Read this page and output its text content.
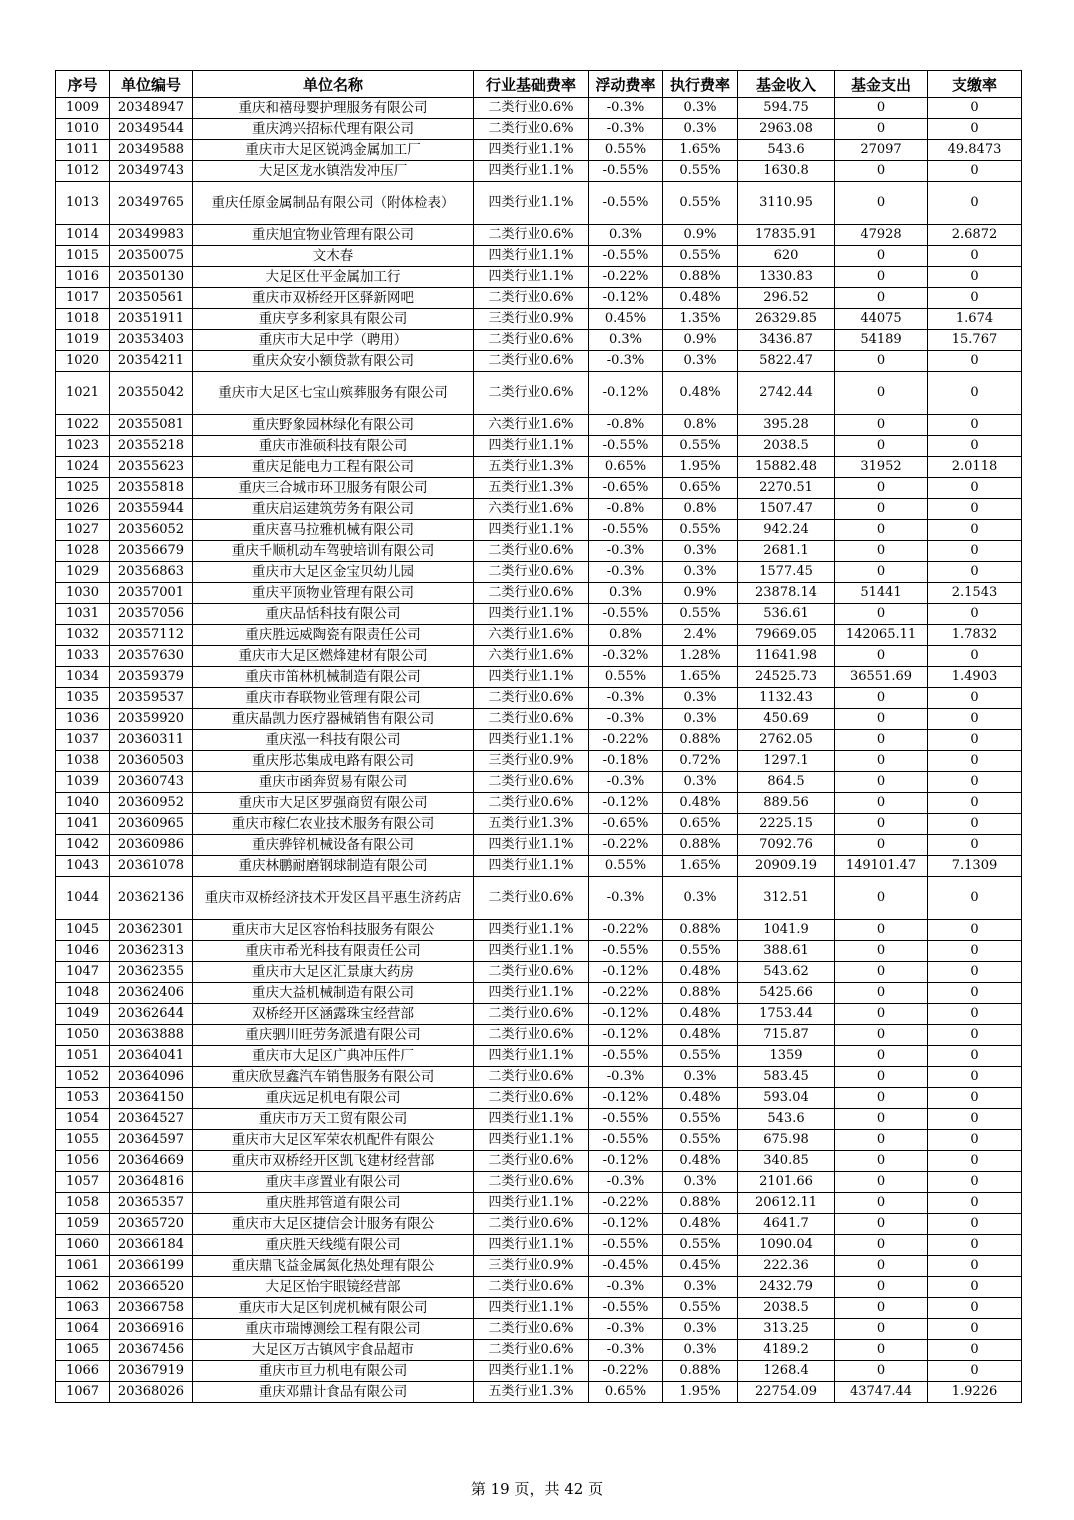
序号	单位编号	单位名称	行业基础费率	浮动费率	执行费率	基金收入	基金支出	支缴率
1009	20348947	重庆和禧母婴护理服务有限公司	二类行业0.6%	-0.3%	0.3%	594.75	0	0
1010	20349544	重庆鸿兴招标代理有限公司	二类行业0.6%	-0.3%	0.3%	2963.08	0	0
1011	20349588	重庆市大足区锐鸿金属加工厂	四类行业1.1%	0.55%	1.65%	543.6	27097	49.8473
1012	20349743	大足区龙水镇浩发冲压厂	四类行业1.1%	-0.55%	0.55%	1630.8	0	0
1013	20349765	重庆任原金属制品有限公司（附体检表）	四类行业1.1%	-0.55%	0.55%	3110.95	0	0
1014	20349983	重庆旭宜物业管理有限公司	二类行业0.6%	0.3%	0.9%	17835.91	47928	2.6872
1015	20350075	文木春	四类行业1.1%	-0.55%	0.55%	620	0	0
1016	20350130	大足区仕平金属加工行	四类行业1.1%	-0.22%	0.88%	1330.83	0	0
1017	20350561	重庆市双桥经开区驿新网吧	二类行业0.6%	-0.12%	0.48%	296.52	0	0
1018	20351911	重庆亨多利家具有限公司	三类行业0.9%	0.45%	1.35%	26329.85	44075	1.674
1019	20353403	重庆市大足中学（聘用）	二类行业0.6%	0.3%	0.9%	3436.87	54189	15.767
1020	20354211	重庆众安小额贷款有限公司	二类行业0.6%	-0.3%	0.3%	5822.47	0	0
1021	20355042	重庆市大足区七宝山殡葬服务有限公司	二类行业0.6%	-0.12%	0.48%	2742.44	0	0
1022	20355081	重庆野象园林绿化有限公司	六类行业1.6%	-0.8%	0.8%	395.28	0	0
1023	20355218	重庆市淮硕科技有限公司	四类行业1.1%	-0.55%	0.55%	2038.5	0	0
1024	20355623	重庆足能电力工程有限公司	五类行业1.3%	0.65%	1.95%	15882.48	31952	2.0118
1025	20355818	重庆三合城市环卫服务有限公司	五类行业1.3%	-0.65%	0.65%	2270.51	0	0
1026	20355944	重庆启运建筑劳务有限公司	六类行业1.6%	-0.8%	0.8%	1507.47	0	0
1027	20356052	重庆喜马拉雅机械有限公司	四类行业1.1%	-0.55%	0.55%	942.24	0	0
1028	20356679	重庆千顺机动车驾驶培训有限公司	二类行业0.6%	-0.3%	0.3%	2681.1	0	0
1029	20356863	重庆市大足区金宝贝幼儿园	二类行业0.6%	-0.3%	0.3%	1577.45	0	0
1030	20357001	重庆平顶物业管理有限公司	二类行业0.6%	0.3%	0.9%	23878.14	51441	2.1543
1031	20357056	重庆品恬科技有限公司	四类行业1.1%	-0.55%	0.55%	536.61	0	0
1032	20357112	重庆胜远威陶瓷有限责任公司	六类行业1.6%	0.8%	2.4%	79669.05	142065.11	1.7832
1033	20357630	重庆市大足区燃烽建材有限公司	六类行业1.6%	-0.32%	1.28%	11641.98	0	0
1034	20359379	重庆市笛林机械制造有限公司	四类行业1.1%	0.55%	1.65%	24525.73	36551.69	1.4903
1035	20359537	重庆市春联物业管理有限公司	二类行业0.6%	-0.3%	0.3%	1132.43	0	0
1036	20359920	重庆晶凯力医疗器械销售有限公司	二类行业0.6%	-0.3%	0.3%	450.69	0	0
1037	20360311	重庆泓一科技有限公司	四类行业1.1%	-0.22%	0.88%	2762.05	0	0
1038	20360503	重庆彤芯集成电路有限公司	三类行业0.9%	-0.18%	0.72%	1297.1	0	0
1039	20360743	重庆市函奔贸易有限公司	二类行业0.6%	-0.3%	0.3%	864.5	0	0
1040	20360952	重庆市大足区罗强商贸有限公司	二类行业0.6%	-0.12%	0.48%	889.56	0	0
1041	20360965	重庆市稼仁农业技术服务有限公司	五类行业1.3%	-0.65%	0.65%	2225.15	0	0
1042	20360986	重庆骅锌机械设备有限公司	四类行业1.1%	-0.22%	0.88%	7092.76	0	0
1043	20361078	重庆林鹏耐磨钢球制造有限公司	四类行业1.1%	0.55%	1.65%	20909.19	149101.47	7.1309
1044	20362136	重庆市双桥经济技术开发区昌平惠生济药店	二类行业0.6%	-0.3%	0.3%	312.51	0	0
1045	20362301	重庆市大足区容怡科技服务有限公	四类行业1.1%	-0.22%	0.88%	1041.9	0	0
1046	20362313	重庆市希光科技有限责任公司	四类行业1.1%	-0.55%	0.55%	388.61	0	0
1047	20362355	重庆市大足区汇景康大药房	二类行业0.6%	-0.12%	0.48%	543.62	0	0
1048	20362406	重庆大益机械制造有限公司	四类行业1.1%	-0.22%	0.88%	5425.66	0	0
1049	20362644	双桥经开区涵露珠宝经营部	二类行业0.6%	-0.12%	0.48%	1753.44	0	0
1050	20363888	重庆驷川旺劳务派遣有限公司	二类行业0.6%	-0.12%	0.48%	715.87	0	0
1051	20364041	重庆市大足区广典冲压件厂	四类行业1.1%	-0.55%	0.55%	1359	0	0
1052	20364096	重庆欣昱鑫汽车销售服务有限公司	二类行业0.6%	-0.3%	0.3%	583.45	0	0
1053	20364150	重庆远足机电有限公司	二类行业0.6%	-0.12%	0.48%	593.04	0	0
1054	20364527	重庆市万天工贸有限公司	四类行业1.1%	-0.55%	0.55%	543.6	0	0
1055	20364597	重庆市大足区军荣农机配件有限公	四类行业1.1%	-0.55%	0.55%	675.98	0	0
1056	20364669	重庆市双桥经开区凯飞建材经营部	二类行业0.6%	-0.12%	0.48%	340.85	0	0
1057	20364816	重庆丰彦置业有限公司	二类行业0.6%	-0.3%	0.3%	2101.66	0	0
1058	20365357	重庆胜邦管道有限公司	四类行业1.1%	-0.22%	0.88%	20612.11	0	0
1059	20365720	重庆市大足区捷信会计服务有限公	二类行业0.6%	-0.12%	0.48%	4641.7	0	0
1060	20366184	重庆胜天线缆有限公司	四类行业1.1%	-0.55%	0.55%	1090.04	0	0
1061	20366199	重庆鼎飞益金属氮化热处理有限公	三类行业0.9%	-0.45%	0.45%	222.36	0	0
1062	20366520	大足区怡宇眼镜经营部	二类行业0.6%	-0.3%	0.3%	2432.79	0	0
1063	20366758	重庆市大足区钊虎机械有限公司	四类行业1.1%	-0.55%	0.55%	2038.5	0	0
1064	20366916	重庆市瑞博测绘工程有限公司	二类行业0.6%	-0.3%	0.3%	313.25	0	0
1065	20367456	大足区万古镇风宇食品超市	二类行业0.6%	-0.3%	0.3%	4189.2	0	0
1066	20367919	重庆市亘力机电有限公司	四类行业1.1%	-0.22%	0.88%	1268.4	0	0
1067	20368026	重庆邓鼎计食品有限公司	五类行业1.3%	0.65%	1.95%	22754.09	43747.44	1.9226
第 19 页，共 42 页
